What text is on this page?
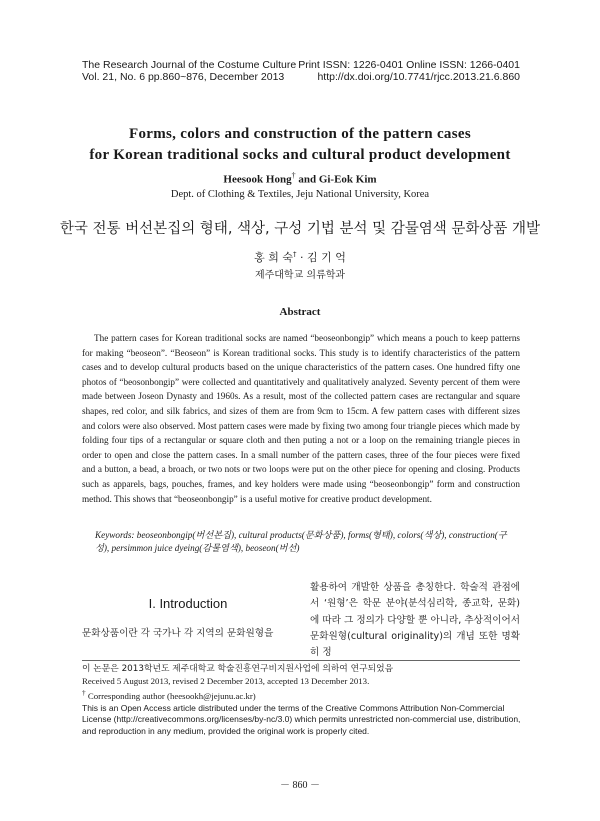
The Research Journal of the Costume Culture
Vol. 21, No. 6 pp.860~876, December 2013
Print ISSN: 1226-0401 Online ISSN: 1266-0401
http://dx.doi.org/10.7741/rjcc.2013.21.6.860
Forms, colors and construction of the pattern cases
for Korean traditional socks and cultural product development
Heesook Hong† and Gi-Eok Kim
Dept. of Clothing & Textiles, Jeju National University, Korea
한국 전통 버선본집의 형태, 색상, 구성 기법 분석 및 감물염색 문화상품 개발
홍 희 숙† · 김 기 억
제주대학교 의류학과
Abstract
The pattern cases for Korean traditional socks are named “beoseonbongip” which means a pouch to keep patterns for making “beoseon”. “Beoseon” is Korean traditional socks. This study is to identify characteristics of the pattern cases and to develop cultural products based on the unique characteristics of the pattern cases. One hundred fifty one photos of “beosonbongip” were collected and quantitatively and qualitatively analyzed. Seventy percent of them were made between Joseon Dynasty and 1960s. As a result, most of the collected pattern cases are rectangular and square shapes, red color, and silk fabrics, and sizes of them are from 9cm to 15cm. A few pattern cases with different sizes and colors were also observed. Most pattern cases were made by fixing two among four triangle pieces which made by folding four tips of a rectangular or square cloth and then puting a not or a loop on the remaining triangle pieces in order to open and close the pattern cases. In a small number of the pattern cases, three of the four pieces were fixed and a button, a bead, a broach, or two nots or two loops were put on the other piece for opening and closing. Products such as apparels, bags, pouches, frames, and key holders were made using “beoseonbongip” form and construction method. This shows that “beoseonbongip” is a useful motive for creative product development.
Keywords: beoseonbongip(버선본집), cultural products(문화상품), forms(형태), colors(색상), construction(구성), persimmon juice dyeing(감물염색), beoseon(버선)
I. Introduction
문화상품이란 각 국가나 각 지역의 문화원형을
활용하여 개발한 상품을 총칭한다. 학술적 관점에서 ‘원형’은 학문 분야(분석심리학, 종교학, 문화)에 따라 그 정의가 다양할 뿐 아니라, 추상적이어서 문화원형(cultural originality)의 개념 또한 명확히 정
이 논문은 2013학년도 제주대학교 학술진흥연구비지원사업에 의하여 연구되었음
Received 5 August 2013, revised 2 December 2013, accepted 13 December 2013.
† Corresponding author (heesookh@jejunu.ac.kr)
This is an Open Access article distributed under the terms of the Creative Commons Attribution Non-Commercial License (http://creativecommons.org/licenses/by-nc/3.0) which permits unrestricted non-commercial use, distribution, and reproduction in any medium, provided the original work is properly cited.
－ 860 －
